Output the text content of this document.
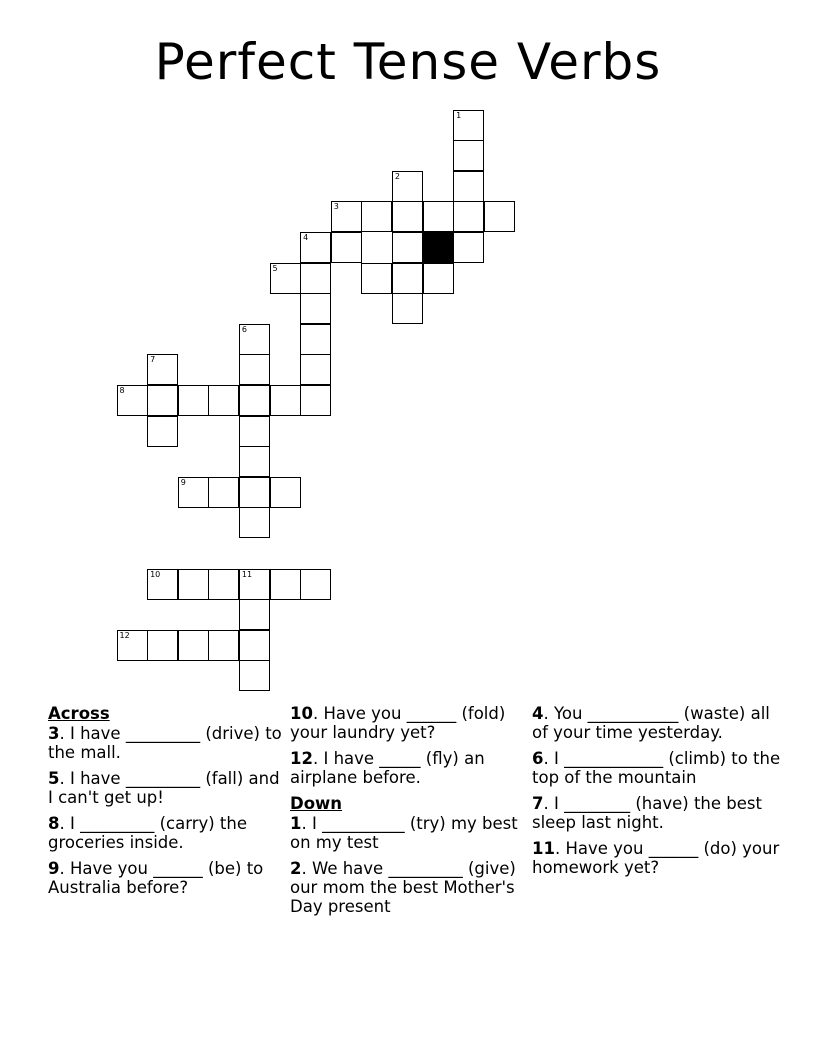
Perfect Tense Verbs
1
2
3
4
5
6
7
8
9
10	11
12
Across
3. I have _________ (drive) to the mall.
5. I have _________ (fall) and I can't get up!
8. I _________ (carry) the groceries inside.
9. Have you ______ (be) to Australia before?
10. Have you ______ (fold) your laundry yet?
12. I have _____ (fly) an airplane before.
Down
1. I __________ (try) my best on my test
2. We have _________ (give) our mom the best Mother's Day present
4. You ___________ (waste) all of your time yesterday.
6. I ____________ (climb) to the top of the mountain
7. I ________ (have) the best sleep last night.
11. Have you ______ (do) your homework yet?
